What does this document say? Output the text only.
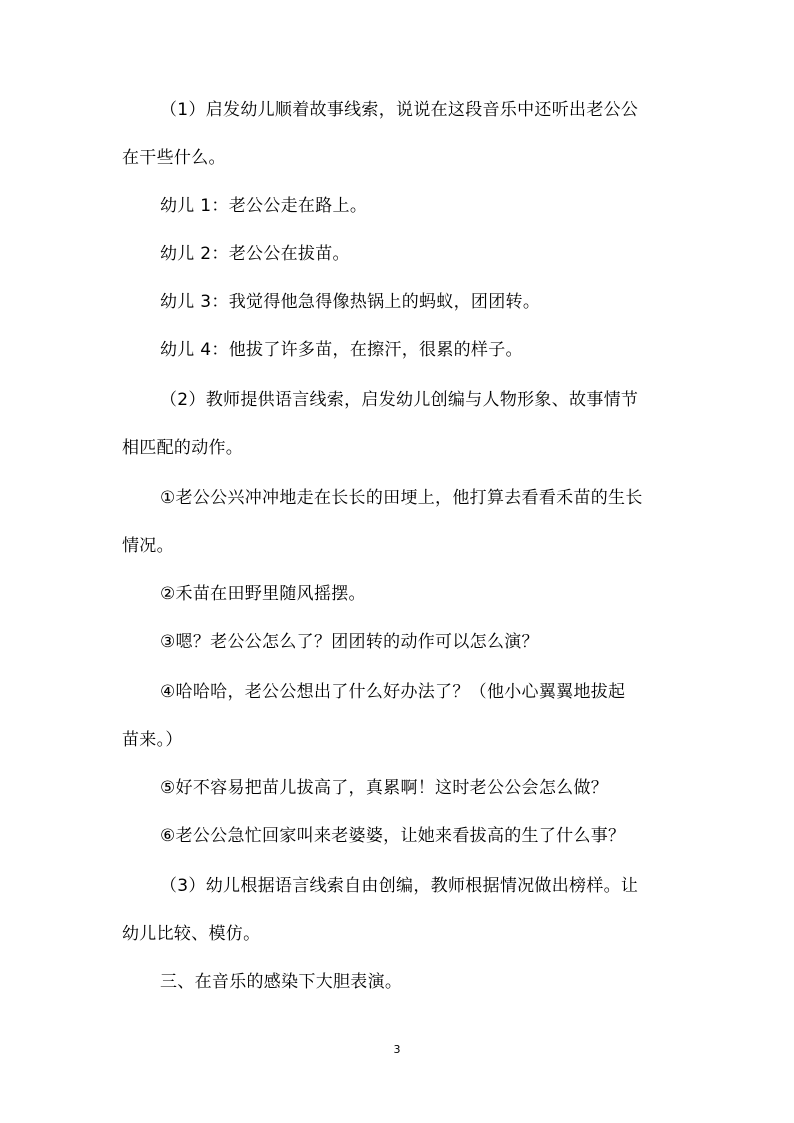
（1）启发幼儿顺着故事线索，说说在这段音乐中还听出老公公
在干些什么。
幼儿 1：老公公走在路上。
幼儿 2：老公公在拔苗。
幼儿 3：我觉得他急得像热锅上的蚂蚁，团团转。
幼儿 4：他拔了许多苗，在擦汗，很累的样子。
（2）教师提供语言线索，启发幼儿创编与人物形象、故事情节
相匹配的动作。
①老公公兴冲冲地走在长长的田埂上，他打算去看看禾苗的生长
情况。
②禾苗在田野里随风摇摆。
③嗯？老公公怎么了？团团转的动作可以怎么演？
④哈哈哈，老公公想出了什么好办法了？（他小心翼翼地拔起
苗来。）
⑤好不容易把苗儿拔高了，真累啊！这时老公公会怎么做？
⑥老公公急忙回家叫来老婆婆，让她来看拔高的生了什么事？
（3）幼儿根据语言线索自由创编，教师根据情况做出榜样。让
幼儿比较、模仿。
三、在音乐的感染下大胆表演。
3
